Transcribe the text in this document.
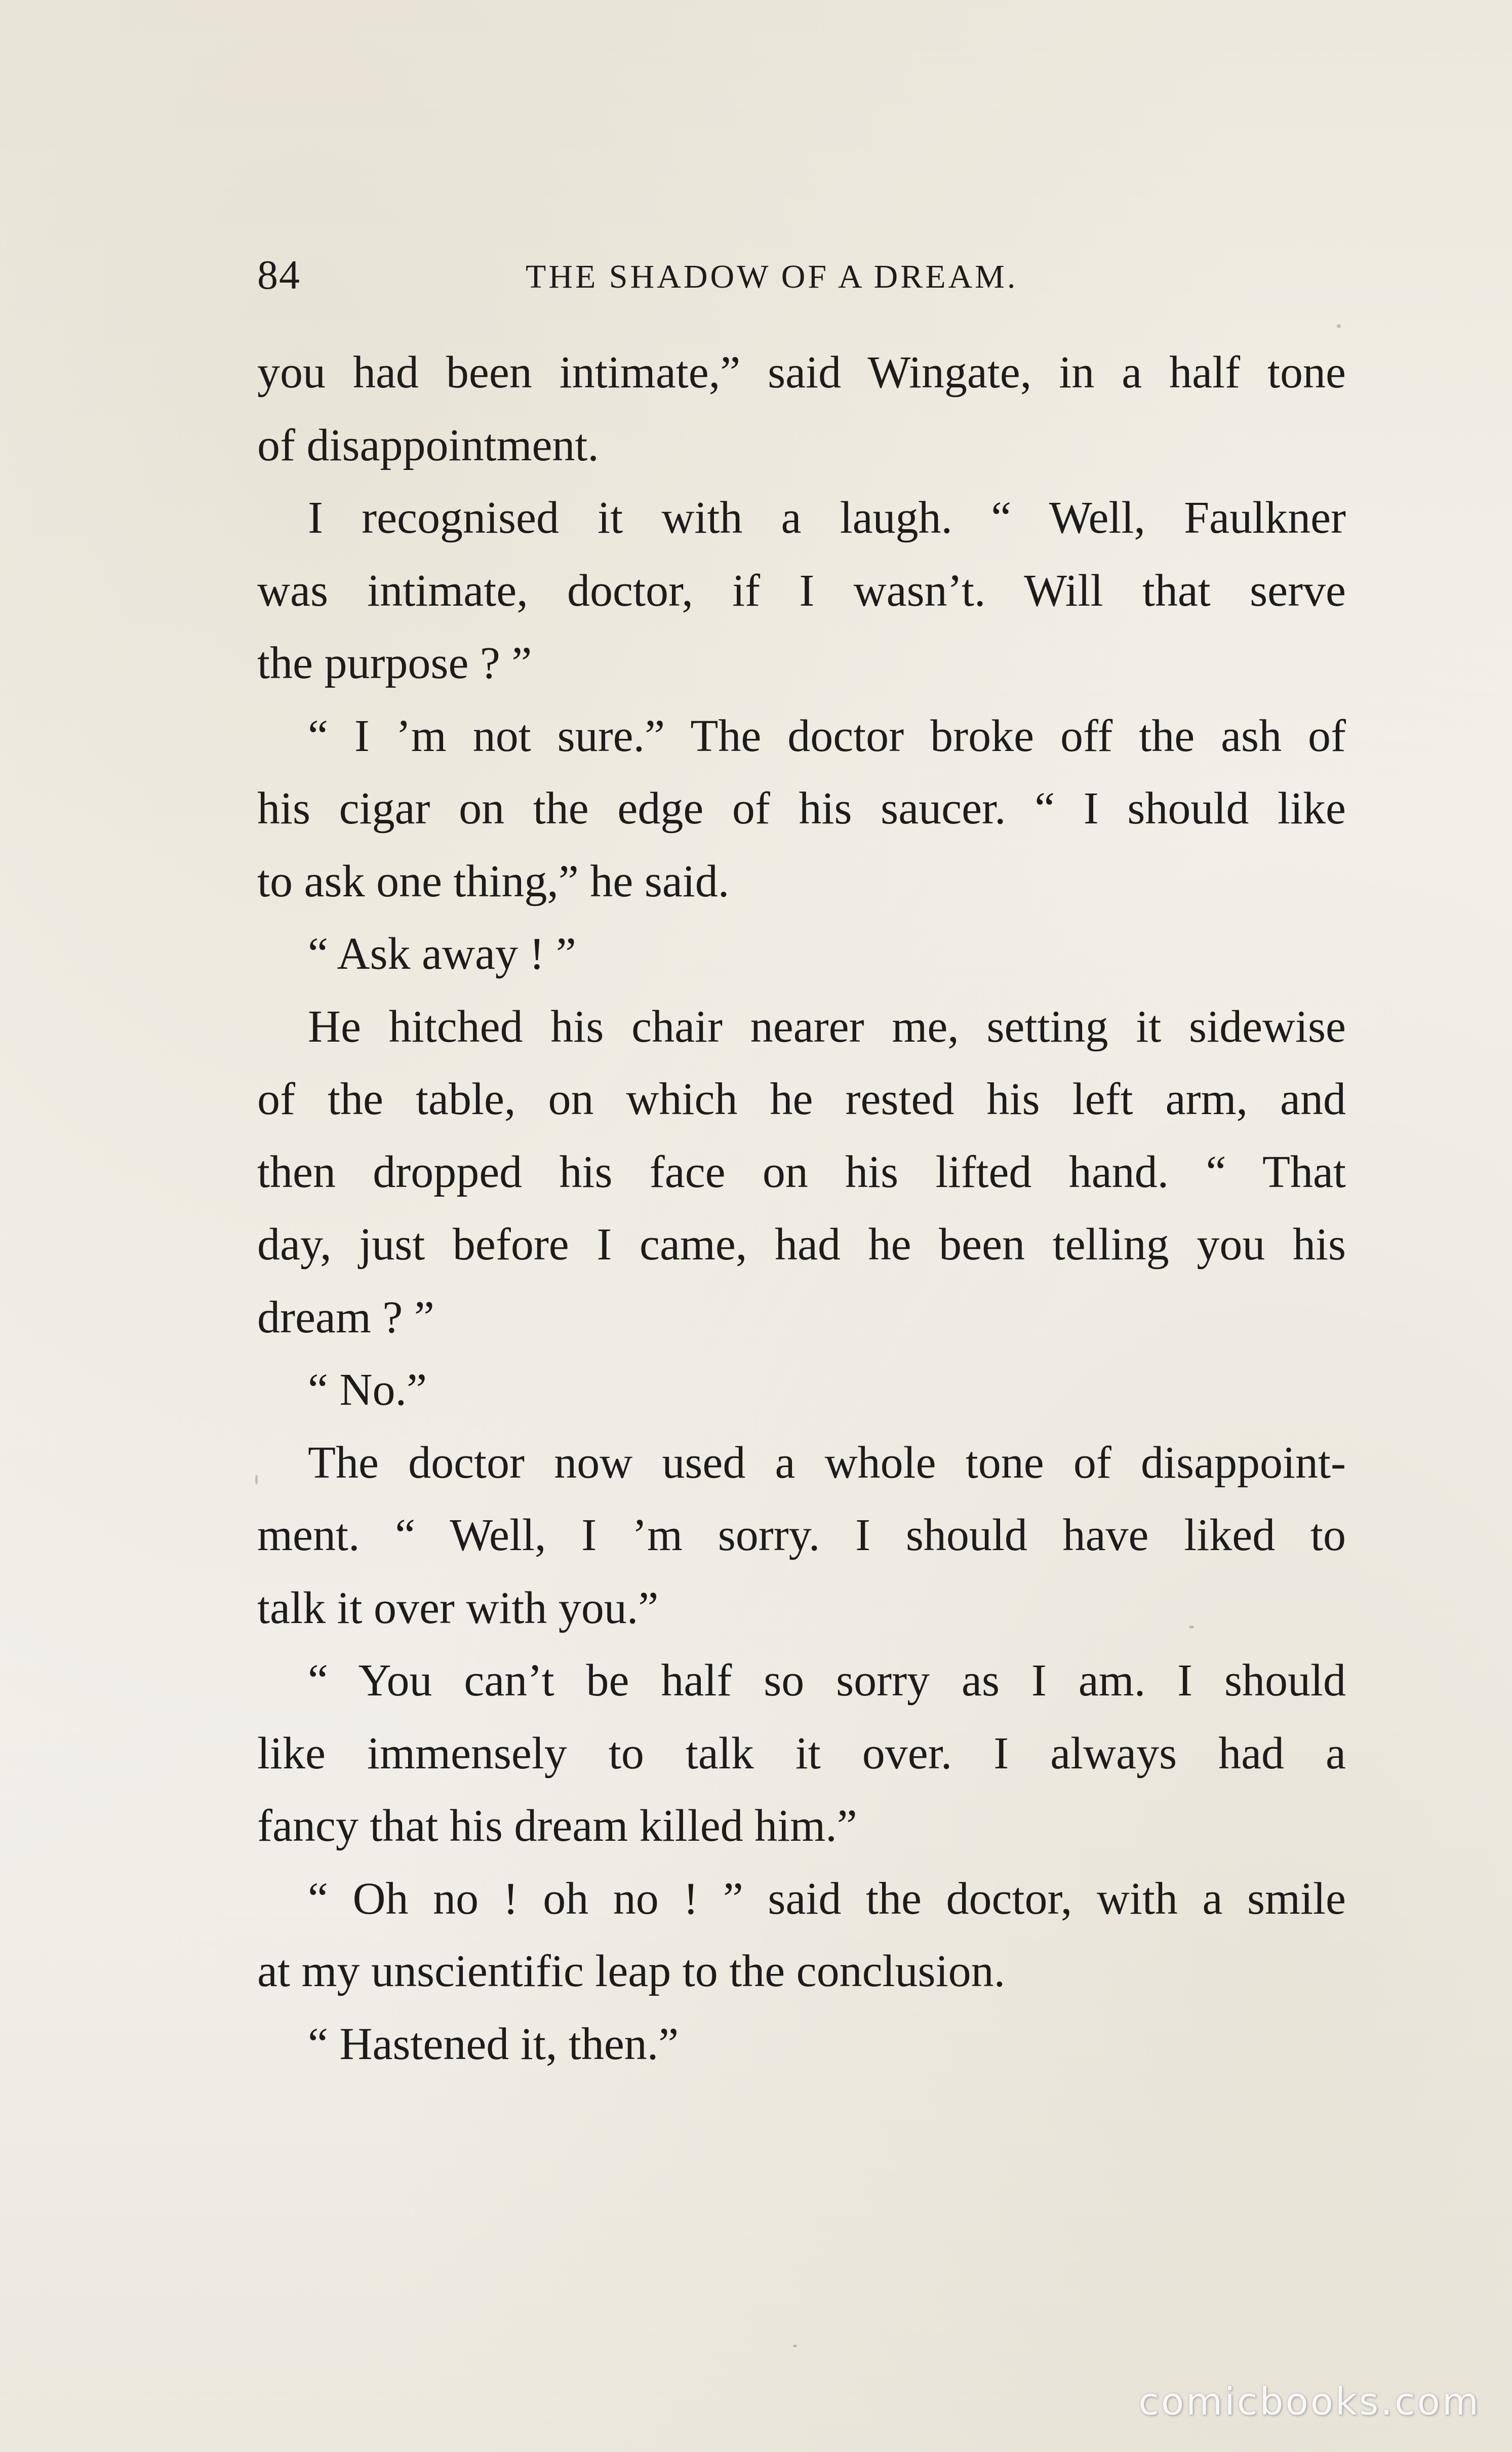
84	THE SHADOW OF A DREAM.
you had been intimate,” said Wingate, in a half tone
of disappointment.
I recognised it with a laugh. “ Well, Faulkner
was intimate, doctor, if I wasn’t. Will that serve
the purpose ? ”
“ I ’m not sure.” The doctor broke off the ash of
his cigar on the edge of his saucer. “ I should like
to ask one thing,” he said.
“ Ask away ! ”
He hitched his chair nearer me, setting it sidewise
of the table, on which he rested his left arm, and
then dropped his face on his lifted hand. “ That
day, just before I came, had he been telling you his
dream ? ”
“ No.”
The doctor now used a whole tone of disappoint-
ment. “ Well, I ’m sorry. I should have liked to
talk it over with you.”
“ You can’t be half so sorry as I am. I should
like immensely to talk it over. I always had a
fancy that his dream killed him.”
“ Oh no ! oh no ! ” said the doctor, with a smile
at my unscientific leap to the conclusion.
“ Hastened it, then.”
comicbooks.com
